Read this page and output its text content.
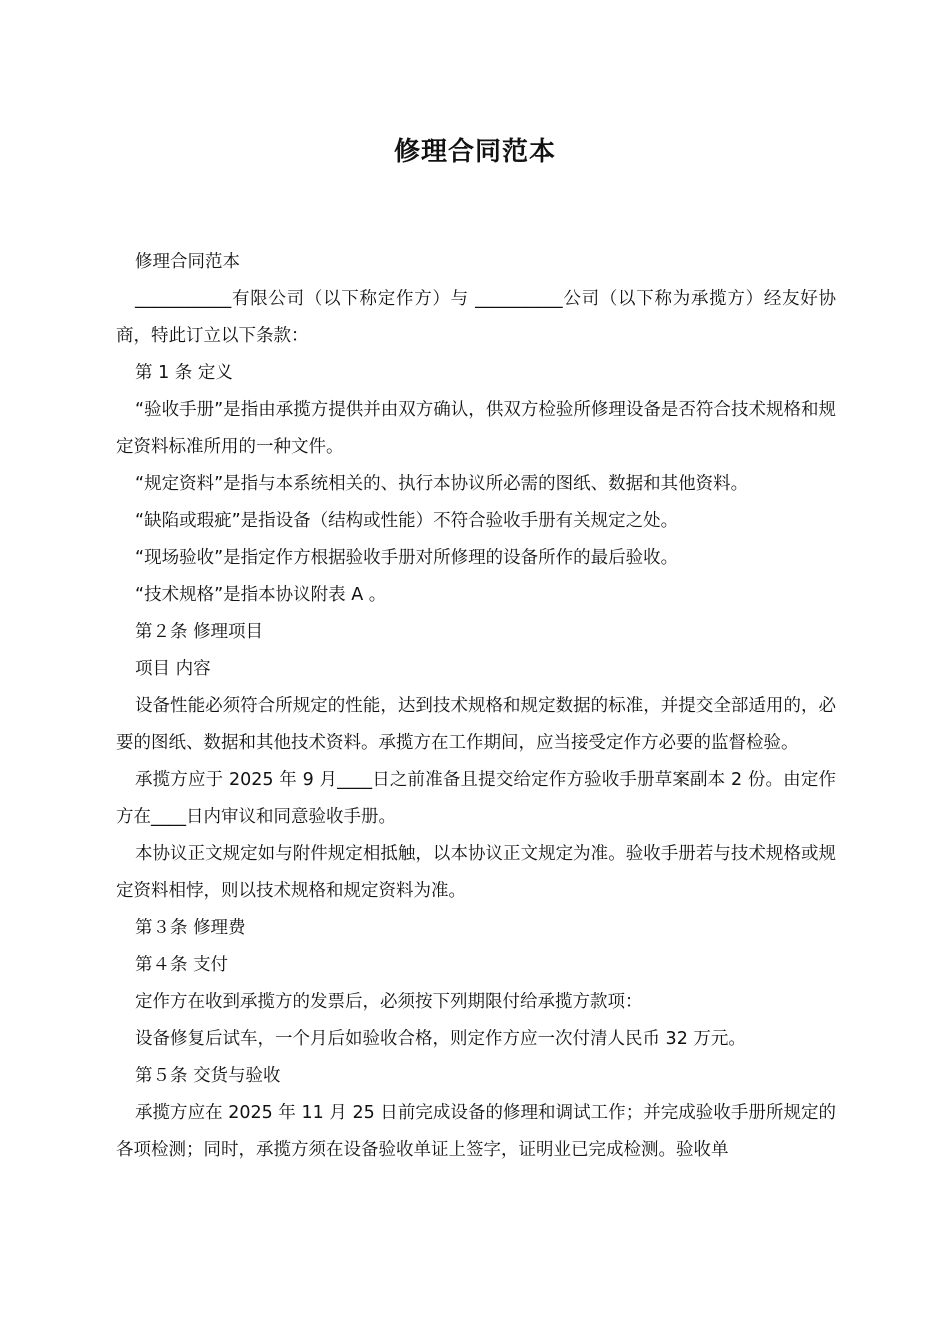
修理合同范本

修理合同范本

___________有限公司（以下称定作方）与 __________公司（以下称为承揽方）经友好协商，特此订立以下条款：

第 1 条 定义

“验收手册”是指由承揽方提供并由双方确认，供双方检验所修理设备是否符合技术规格和规定资料标准所用的一种文件。

“规定资料”是指与本系统相关的、执行本协议所必需的图纸、数据和其他资料。

“缺陷或瑕疵”是指设备（结构或性能）不符合验收手册有关规定之处。

“现场验收”是指定作方根据验收手册对所修理的设备所作的最后验收。

“技术规格”是指本协议附表 A 。

第２条 修理项目

项目 内容

设备性能必须符合所规定的性能，达到技术规格和规定数据的标准，并提交全部适用的，必要的图纸、数据和其他技术资料。承揽方在工作期间，应当接受定作方必要的监督检验。

承揽方应于 2025 年 9 月____日之前准备且提交给定作方验收手册草案副本 2 份。由定作方在____日内审议和同意验收手册。

本协议正文规定如与附件规定相抵触，以本协议正文规定为准。验收手册若与技术规格或规定资料相悖，则以技术规格和规定资料为准。

第３条 修理费

第４条 支付

定作方在收到承揽方的发票后，必须按下列期限付给承揽方款项：

设备修复后试车，一个月后如验收合格，则定作方应一次付清人民币 32 万元。

第５条 交货与验收

承揽方应在 2025 年 11 月 25 日前完成设备的修理和调试工作；并完成验收手册所规定的各项检测；同时，承揽方须在设备验收单证上签字，证明业已完成检测。验收单
